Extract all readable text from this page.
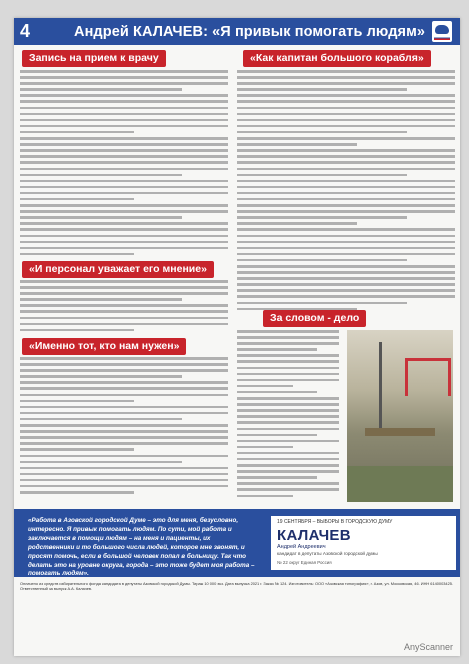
4	Андрей КАЛАЧЕВ: «Я привык помогать людям»
Запись на прием к врачу
«И персонал уважает его мнение»
«Именно тот, кто нам нужен»
«Как капитан большого корабля»
За словом - дело
«Работа в Азовской городской Думе – это для меня, безусловно, интересно. Я привык помогать людям. По сути, мой работа и заключается в помощи людям – на меня и пациенты, их родственники и то большого числа людей, которое мне звонят, и просят помочь, если в большой человек попал в больницу. Так что делать это на уровне округа, города – это тоже будет моя работа – помогать людям».
19 СЕНТЯБРЯ – ВЫБОРЫ В ГОРОДСКУЮ ДУМУ
КАЛАЧЕВ
Андрей Андреевич
кандидат в депутаты Азовской городской думы
№ 22 округ Единая Россия
Оплачено из средств избирательного фонда кандидата в депутаты Азовской городской Думы. Тираж 10 000 экз. Дата выпуска 2021 г. Заказ № 124. Изготовитель: ООО «Азовская типография», г. Азов, ул. Московская, 46. ИНН 6140003425. Ответственный за выпуск А.А. Калачев.
AnyScanner
